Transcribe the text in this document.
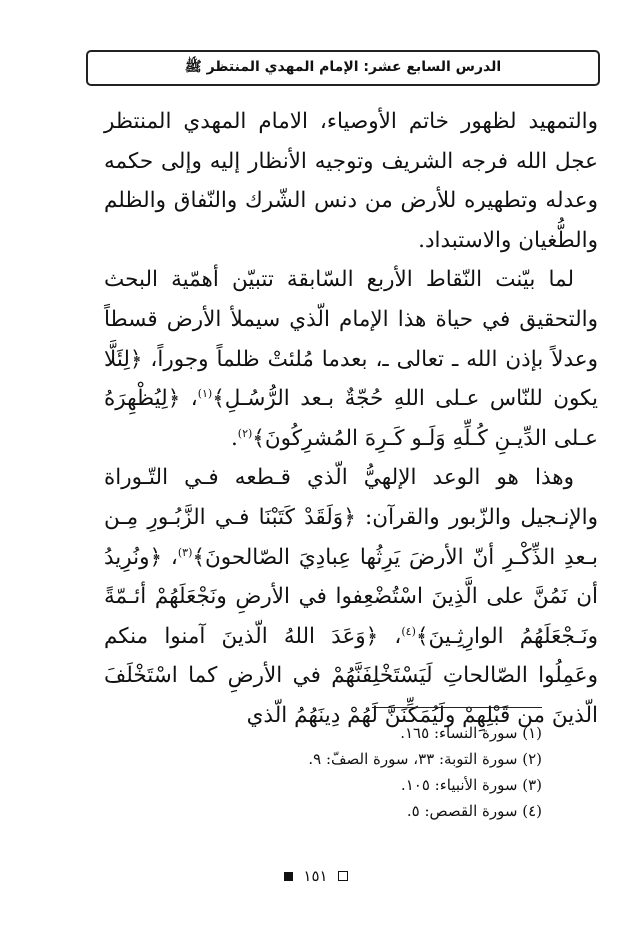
الدرس السابع عشر: الإمام المهدي المنتظر ﷺ

والتمهيد لظهور خاتم الأوصياء، الامام المهدي المنتظر عجل الله فرجه الشريف وتوجيه الأنظار إليه وإلى حكمه وعدله وتطهيره للأرض من دنس الشّرك والنّفاق والظلم والطُّغيان والاستبداد.

لما بيّنت النّقاط الأربع السّابقة تتبيّن أهمّية البحث والتحقيق في حياة هذا الإمام الّذي سيملأ الأرض قسطاً وعدلاً بإذن الله ـ تعالى ـ، بعدما مُلئتْ ظلماً وجوراً، ﴿لِئَلَّا يكون للنّاس عـلى اللهِ حُجّةٌ بـعد الرُّسُـلِ﴾$^{(١)}$، ﴿لِيُظْهِرَهُ عـلى الدِّيـنِ كُـلِّهِ وَلَـو كَـرِهَ المُشرِكُونَ﴾$^{(٢)}$.

وهذا هو الوعد الإلهيُّ الّذي قـطعه فـي التّـوراة والإنـجيل والزّبور والقرآن: ﴿وَلَقَدْ كَتَبْنَا فـي الزَّبُـورِ مِـن بـعدِ الذِّكْـرِ أنّ الأرضَ يَرِثُها عِبادِيَ الصّالحونَ﴾$^{(٣)}$، ﴿ونُرِيدُ أن نَمُنَّ على الَّذِينَ اسْتُضْعِفوا في الأرضِ ونَجْعَلَهُمْ أئـمّةً ونَـجْعَلَهُمُ الوارِثِـينَ﴾$^{(٤)}$، ﴿وَعَدَ اللهُ الّذينَ آمنوا منكم وعَمِلُوا الصّالحاتِ لَيَسْتَخْلِفَنَّهُمْ في الأرضِ كما اسْتَخْلَفَ الّذينَ من قَبْلِهِمْ ولَيُمَكِّنَنَّ لَهُمْ دِينَهُمُ الّذي

(١) سورة النساء: ١٦٥.

(٢) سورة التوبة: ٣٣، سورة الصفّ: ٩.

(٣) سورة الأنبياء: ١٠٥.

(٤) سورة القصص: ٥.

١٥١
